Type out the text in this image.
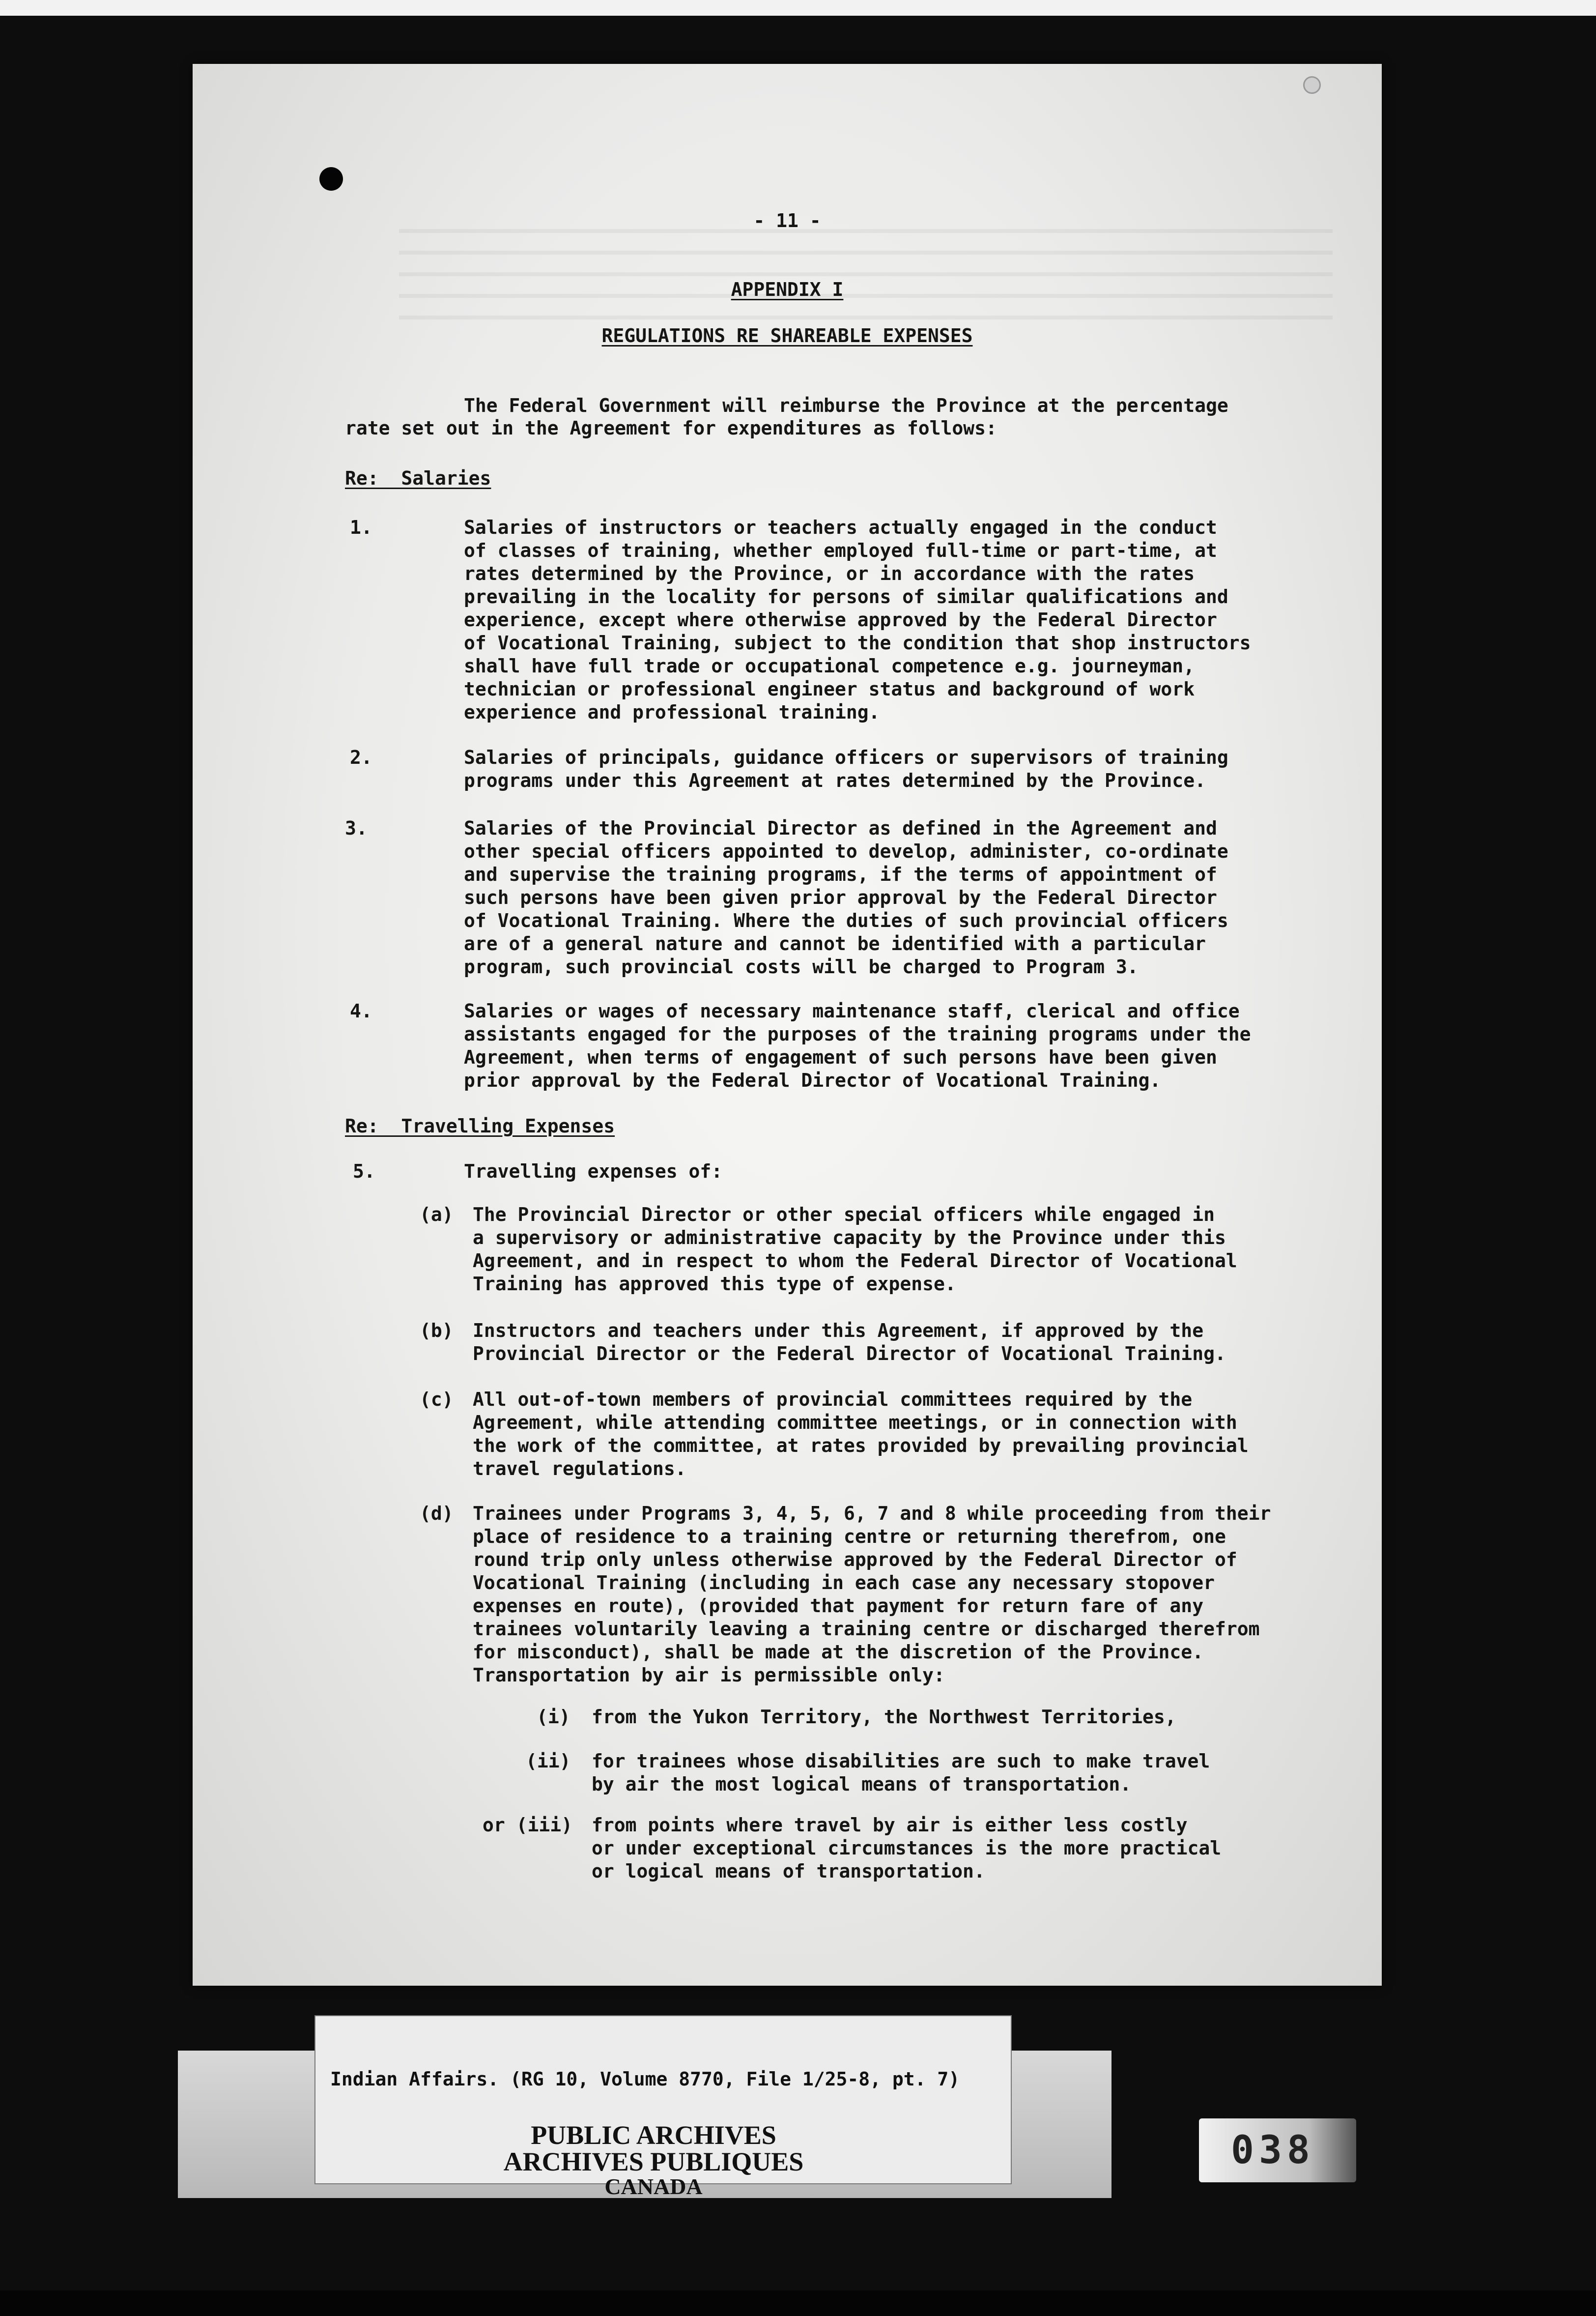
- 11 -
APPENDIX I
REGULATIONS RE SHAREABLE EXPENSES
The Federal Government will reimburse the Province at the percentage
rate set out in the Agreement for expenditures as follows:
Re:  Salaries
1.	Salaries of instructors or teachers actually engaged in the conduct
of classes of training, whether employed full-time or part-time, at
rates determined by the Province, or in accordance with the rates
prevailing in the locality for persons of similar qualifications and
experience, except where otherwise approved by the Federal Director
of Vocational Training, subject to the condition that shop instructors
shall have full trade or occupational competence e.g. journeyman,
technician or professional engineer status and background of work
experience and professional training.
2.	Salaries of principals, guidance officers or supervisors of training
programs under this Agreement at rates determined by the Province.
3.	Salaries of the Provincial Director as defined in the Agreement and
other special officers appointed to develop, administer, co-ordinate
and supervise the training programs, if the terms of appointment of
such persons have been given prior approval by the Federal Director
of Vocational Training. Where the duties of such provincial officers
are of a general nature and cannot be identified with a particular
program, such provincial costs will be charged to Program 3.
4.	Salaries or wages of necessary maintenance staff, clerical and office
assistants engaged for the purposes of the training programs under the
Agreement, when terms of engagement of such persons have been given
prior approval by the Federal Director of Vocational Training.
Re:  Travelling Expenses
5.	Travelling expenses of:
(a) The Provincial Director or other special officers while engaged in
a supervisory or administrative capacity by the Province under this
Agreement, and in respect to whom the Federal Director of Vocational
Training has approved this type of expense.
(b) Instructors and teachers under this Agreement, if approved by the
Provincial Director or the Federal Director of Vocational Training.
(c) All out-of-town members of provincial committees required by the
Agreement, while attending committee meetings, or in connection with
the work of the committee, at rates provided by prevailing provincial
travel regulations.
(d) Trainees under Programs 3, 4, 5, 6, 7 and 8 while proceeding from their
place of residence to a training centre or returning therefrom, one
round trip only unless otherwise approved by the Federal Director of
Vocational Training (including in each case any necessary stopover
expenses en route), (provided that payment for return fare of any
trainees voluntarily leaving a training centre or discharged therefrom
for misconduct), shall be made at the discretion of the Province.
Transportation by air is permissible only:
(i) from the Yukon Territory, the Northwest Territories,
(ii) for trainees whose disabilities are such to make travel
by air the most logical means of transportation.
or (iii) from points where travel by air is either less costly
or under exceptional circumstances is the more practical
or logical means of transportation.
Indian Affairs. (RG 10, Volume 8770, File 1/25-8, pt. 7)
PUBLIC ARCHIVES
ARCHIVES PUBLIQUES
CANADA
038
